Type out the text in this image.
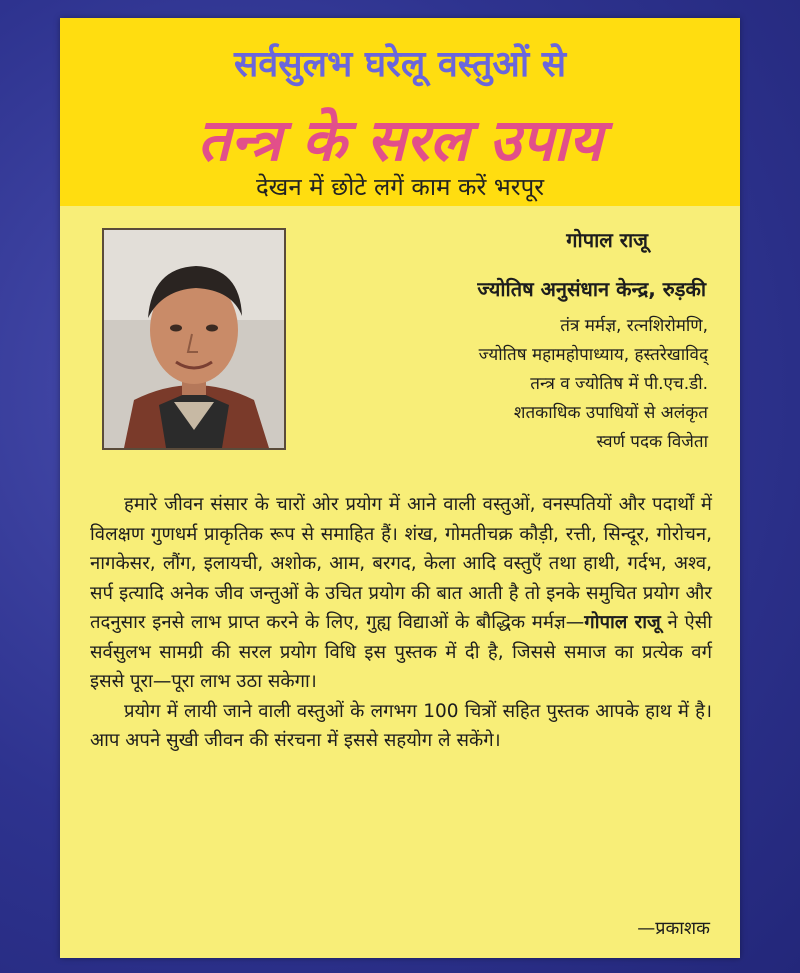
सर्वसुलभ घरेलू वस्तुओं से
तन्त्र के सरल उपाय
देखन में छोटे लगें काम करें भरपूर
गोपाल राजू
ज्योतिष अनुसंधान केन्द्र, रुड़की
तंत्र मर्मज्ञ, रत्नशिरोमणि,
ज्योतिष महामहोपाध्याय, हस्तरेखाविद्
तन्त्र व ज्योतिष में पी.एच.डी.
शतकाधिक उपाधियों से अलंकृत
स्वर्ण पदक विजेता

हमारे जीवन संसार के चारों ओर प्रयोग में आने वाली वस्तुओं, वनस्पतियों और पदार्थों में विलक्षण गुणधर्म प्राकृतिक रूप से समाहित हैं। शंख, गोमतीचक्र कौड़ी, रत्ती, सिन्दूर, गोरोचन, नागकेसर, लौंग, इलायची, अशोक, आम, बरगद, केला आदि वस्तुएँ तथा हाथी, गर्दभ, अश्व, सर्प इत्यादि अनेक जीव जन्तुओं के उचित प्रयोग की बात आती है तो इनके समुचित प्रयोग और तदनुसार इनसे लाभ प्राप्त करने के लिए, गुह्य विद्याओं के बौद्धिक मर्मज्ञ—गोपाल राजू ने ऐसी सर्वसुलभ सामग्री की सरल प्रयोग विधि इस पुस्तक में दी है, जिससे समाज का प्रत्येक वर्ग इससे पूरा—पूरा लाभ उठा सकेगा।

प्रयोग में लायी जाने वाली वस्तुओं के लगभग 100 चित्रों सहित पुस्तक आपके हाथ में है। आप अपने सुखी जीवन की संरचना में इससे सहयोग ले सकेंगे।

—प्रकाशक
